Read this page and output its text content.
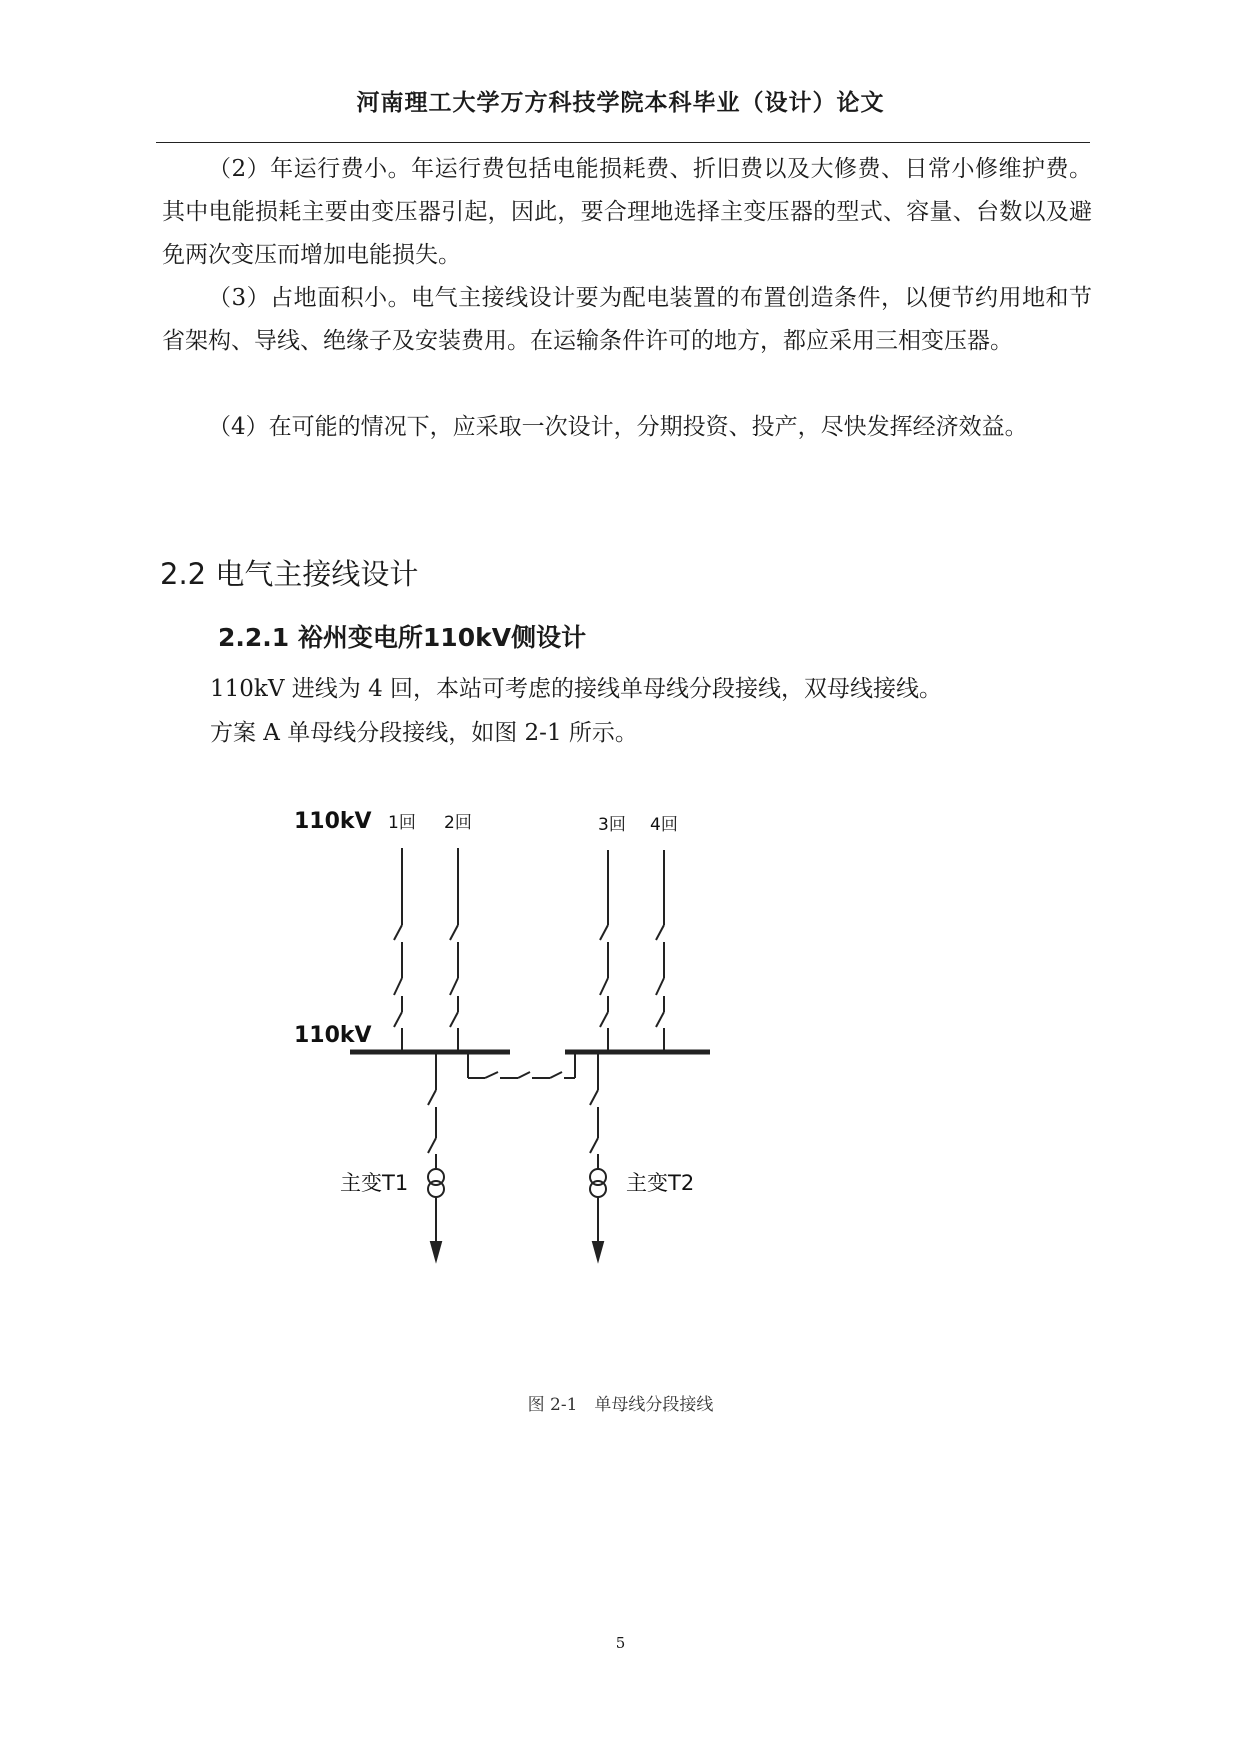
河南理工大学万方科技学院本科毕业（设计）论文

（2）年运行费小。年运行费包括电能损耗费、折旧费以及大修费、日常小修维护费。其中电能损耗主要由变压器引起，因此，要合理地选择主变压器的型式、容量、台数以及避免两次变压而增加电能损失。

（3）占地面积小。电气主接线设计要为配电装置的布置创造条件，以便节约用地和节省架构、导线、绝缘子及安装费用。在运输条件许可的地方，都应采用三相变压器。

（4）在可能的情况下，应采取一次设计，分期投资、投产，尽快发挥经济效益。

2.2 电气主接线设计
2.2.1 裕州变电所110kV侧设计

110kV 进线为 4 回，本站可考虑的接线单母线分段接线，双母线接线。

方案 A 单母线分段接线，如图 2-1 所示。

110kV
110kV
1回 2回	3回 4回
主变T1	主变T2
图 2-1　单母线分段接线
5
